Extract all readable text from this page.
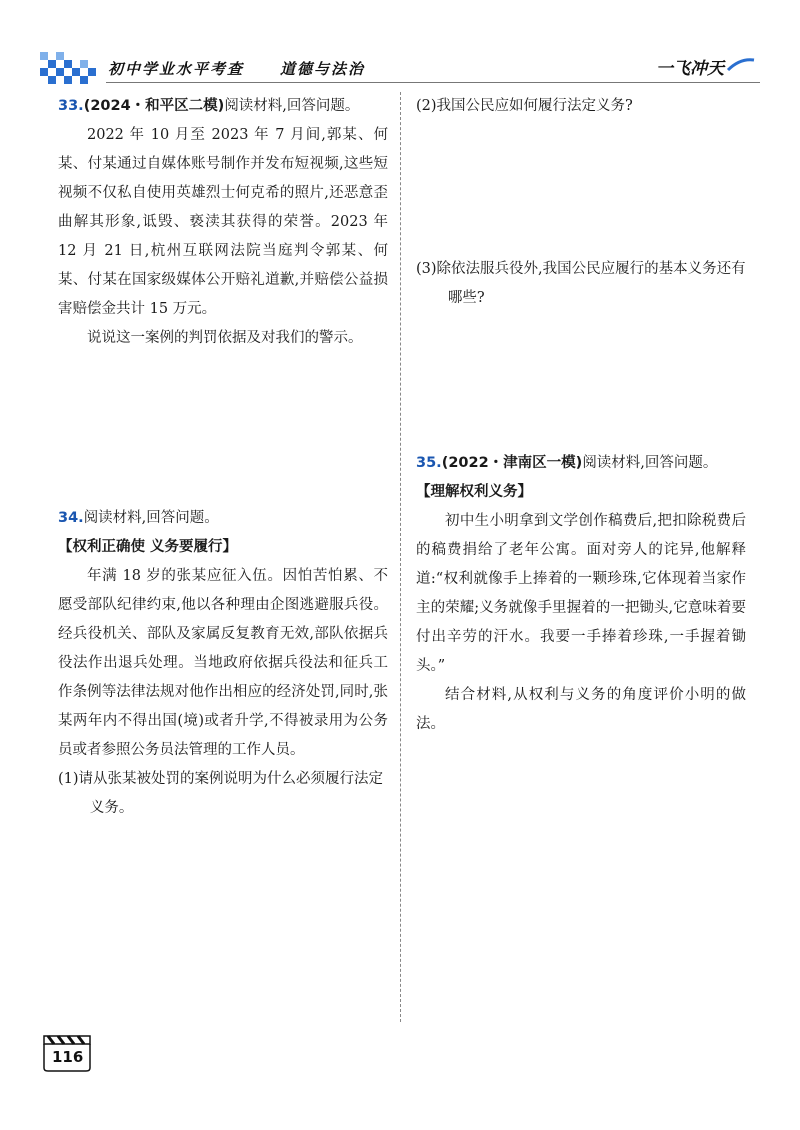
初中学业水平考查 道德与法治	一飞冲天

33.(2024・和平区二模)阅读材料,回答问题。

2022 年 10 月至 2023 年 7 月间,郭某、何某、付某通过自媒体账号制作并发布短视频,这些短视频不仅私自使用英雄烈士何克希的照片,还恶意歪曲解其形象,诋毁、亵渎其获得的荣誉。2023 年 12 月 21 日,杭州互联网法院当庭判令郭某、何某、付某在国家级媒体公开赔礼道歉,并赔偿公益损害赔偿金共计 15 万元。

说说这一案例的判罚依据及对我们的警示。

34.阅读材料,回答问题。

【权利正确使 义务要履行】

年满 18 岁的张某应征入伍。因怕苦怕累、不愿受部队纪律约束,他以各种理由企图逃避服兵役。经兵役机关、部队及家属反复教育无效,部队依据兵役法作出退兵处理。当地政府依据兵役法和征兵工作条例等法律法规对他作出相应的经济处罚,同时,张某两年内不得出国(境)或者升学,不得被录用为公务员或者参照公务员法管理的工作人员。

(1)请从张某被处罚的案例说明为什么必须履行法定义务。

(2)我国公民应如何履行法定义务?

(3)除依法服兵役外,我国公民应履行的基本义务还有哪些?

35.(2022・津南区一模)阅读材料,回答问题。

【理解权利义务】

初中生小明拿到文学创作稿费后,把扣除税费后的稿费捐给了老年公寓。面对旁人的诧异,他解释道:“权利就像手上捧着的一颗珍珠,它体现着当家作主的荣耀;义务就像手里握着的一把锄头,它意味着要付出辛劳的汗水。我要一手捧着珍珠,一手握着锄头。”

结合材料,从权利与义务的角度评价小明的做法。

116
